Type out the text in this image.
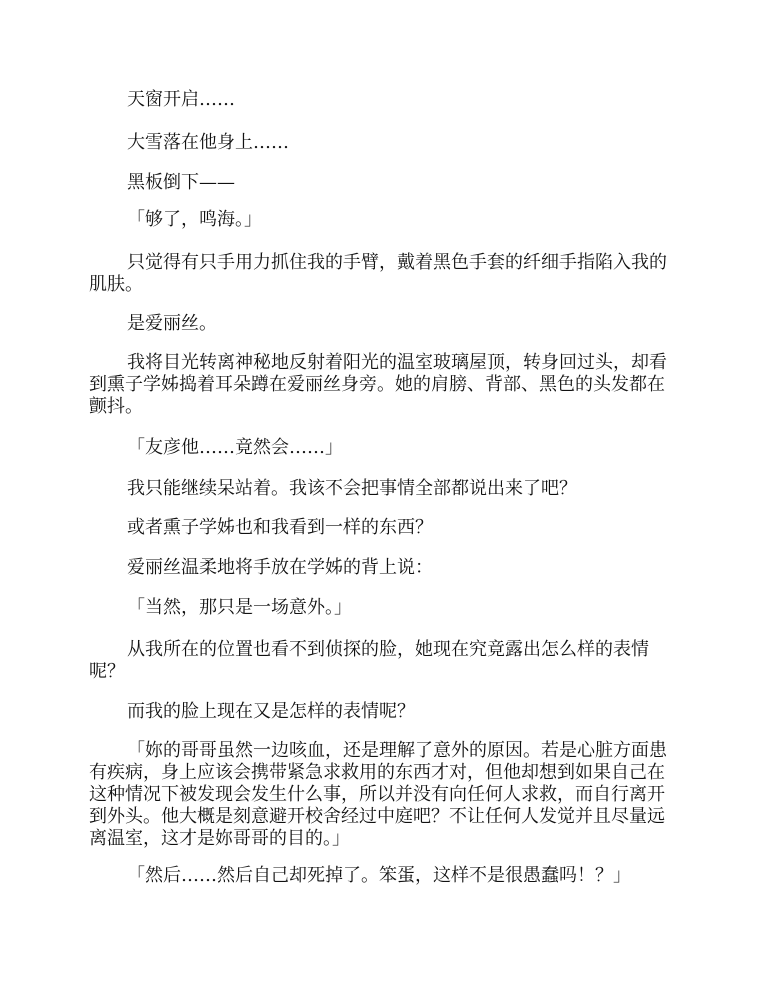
天窗开启……

大雪落在他身上……

黑板倒下——

「够了，鸣海。」

只觉得有只手用力抓住我的手臂，戴着黑色手套的纤细手指陷入我的肌肤。

是爱丽丝。

我将目光转离神秘地反射着阳光的温室玻璃屋顶，转身回过头，却看到熏子学姊捣着耳朵蹲在爱丽丝身旁。她的肩膀、背部、黑色的头发都在颤抖。

「友彦他……竟然会……」

我只能继续呆站着。我该不会把事情全部都说出来了吧？

或者熏子学姊也和我看到一样的东西？

爱丽丝温柔地将手放在学姊的背上说：

「当然，那只是一场意外。」

从我所在的位置也看不到侦探的脸，她现在究竟露出怎么样的表情呢？

而我的脸上现在又是怎样的表情呢？

「妳的哥哥虽然一边咳血，还是理解了意外的原因。若是心脏方面患有疾病，身上应该会携带紧急求救用的东西才对，但他却想到如果自己在这种情况下被发现会发生什么事，所以并没有向任何人求救，而自行离开到外头。他大概是刻意避开校舍经过中庭吧？不让任何人发觉并且尽量远离温室，这才是妳哥哥的目的。」

「然后……然后自己却死掉了。笨蛋，这样不是很愚蠢吗！？」
